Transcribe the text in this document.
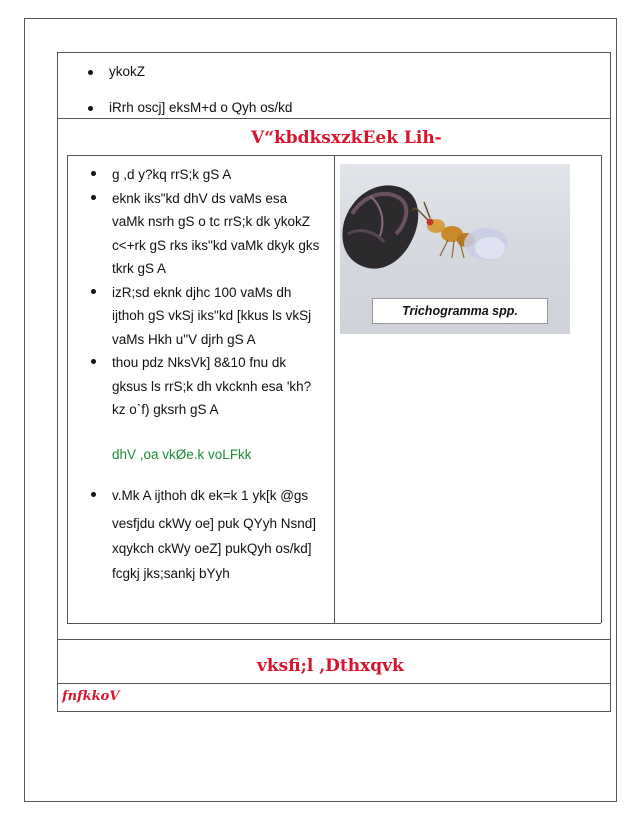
ykokZ
iRrh oscj] eksM+d o Qyh os/kd
V“kbdksxzkEek Lih-
g ,d y?kq rrS;k gS A
eknk iks"kd dhV ds vaMs esa
vaMk nsrh gS o tc rrS;k dk ykokZ
c<+rk gS rks iks"kd vaMk dkyk gks
tkrk gS A
izR;sd eknk djhc 100 vaMs dh
ijthoh gS vkSj iks"kd [kkus ls vkSj
vaMs Hkh u"V djrh gS A
thou pdz NksVk] 8&10 fnu dk
gksus ls rrS;k dh vkcknh esa 'kh?
kz o`f) gksrh gS A
dhV ,oa vkØe.k voLFkk
v.Mk A ijthoh dk ek=k 1 yk[k @gs
vesfjdu ckWy oe] puk QYyh Nsnd]
xqykch ckWy oeZ] pukQyh os/kd]
fcgkj jks;sankj bYyh
Trichogramma spp.
vksfi;l ,Dthxqvk
fnfkkoV
